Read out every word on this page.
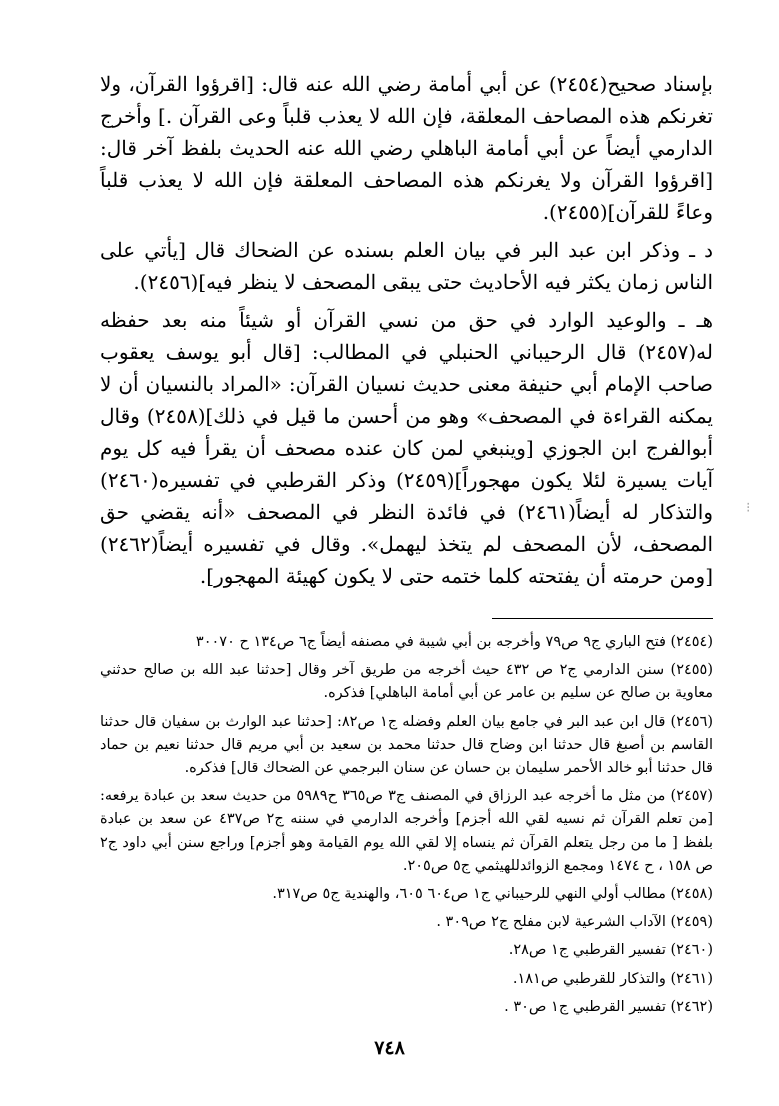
بإسناد صحيح(٢٤٥٤) عن أبي أمامة رضي الله عنه قال: [اقرؤوا القرآن، ولا تغرنكم هذه المصاحف المعلقة، فإن الله لا يعذب قلباً وعى القرآن .] وأخرج الدارمي أيضاً عن أبي أمامة الباهلي رضي الله عنه الحديث بلفظ آخر قال: [اقرؤوا القرآن ولا يغرنكم هذه المصاحف المعلقة فإن الله لا يعذب قلباً وعاءً للقرآن](٢٤٥٥).

د ـ وذكر ابن عبد البر في بيان العلم بسنده عن الضحاك قال [يأتي على الناس زمان يكثر فيه الأحاديث حتى يبقى المصحف لا ينظر فيه](٢٤٥٦).

هـ ـ والوعيد الوارد في حق من نسي القرآن أو شيئاً منه بعد حفظه له(٢٤٥٧) قال الرحيباني الحنبلي في المطالب: [قال أبو يوسف يعقوب صاحب الإمام أبي حنيفة معنى حديث نسيان القرآن: «المراد بالنسيان أن لا يمكنه القراءة في المصحف» وهو من أحسن ما قيل في ذلك](٢٤٥٨) وقال أبوالفرج ابن الجوزي [وينبغي لمن كان عنده مصحف أن يقرأ فيه كل يوم آيات يسيرة لئلا يكون مهجوراً](٢٤٥٩) وذكر القرطبي في تفسيره(٢٤٦٠) والتذكار له أيضاً(٢٤٦١) في فائدة النظر في المصحف «أنه يقضي حق المصحف، لأن المصحف لم يتخذ ليهمل». وقال في تفسيره أيضاً(٢٤٦٢) [ومن حرمته أن يفتحته كلما ختمه حتى لا يكون كهيئة المهجور].

(٢٤٥٤) فتح الباري ج٩ ص٧٩ وأخرجه بن أبي شيبة في مصنفه أيضاً ج٦ ص١٣٤ ح ٣٠٠٧٠

(٢٤٥٥) سنن الدارمي ج٢ ص ٤٣٢ حيث أخرجه من طريق آخر وقال [حدثنا عبد الله بن صالح حدثني معاوية بن صالح عن سليم بن عامر عن أبي أمامة الباهلي] فذكره.

(٢٤٥٦) قال ابن عبد البر في جامع بيان العلم وفضله ج١ ص٨٢: [حدثنا عبد الوارث بن سفيان قال حدثنا القاسم بن أصبغ قال حدثنا ابن وضاح قال حدثنا محمد بن سعيد بن أبي مريم قال حدثنا نعيم بن حماد قال حدثنا أبو خالد الأحمر سليمان بن حسان عن سنان البرجمي عن الضحاك قال] فذكره.

(٢٤٥٧) من مثل ما أخرجه عبد الرزاق في المصنف ج٣ ص٣٦٥ ح٥٩٨٩ من حديث سعد بن عبادة يرفعه: [من تعلم القرآن ثم نسيه لقي الله أجزم] وأخرجه الدارمي في سننه ج٢ ص٤٣٧ عن سعد بن عبادة بلفظ [ ما من رجل يتعلم القرآن ثم ينساه إلا لقي الله يوم القيامة وهو أجزم] وراجع سنن أبي داود ج٢ ص ١٥٨ ، ح ١٤٧٤ ومجمع الزوائدللهيثمي ج٥ ص٢٠٥.

(٢٤٥٨) مطالب أولي النهي للرحيباني ج١ ص٦٠٤ ٦٠٥، والهندية ج٥ ص٣١٧.

(٢٤٥٩) الآداب الشرعية لابن مفلح ج٢ ص٣٠٩ .

(٢٤٦٠) تفسير القرطبي ج١ ص٢٨.

(٢٤٦١) والتذكار للقرطبي ص١٨١.

(٢٤٦٢) تفسير القرطبي ج١ ص٣٠ .

٧٤٨
⁝
